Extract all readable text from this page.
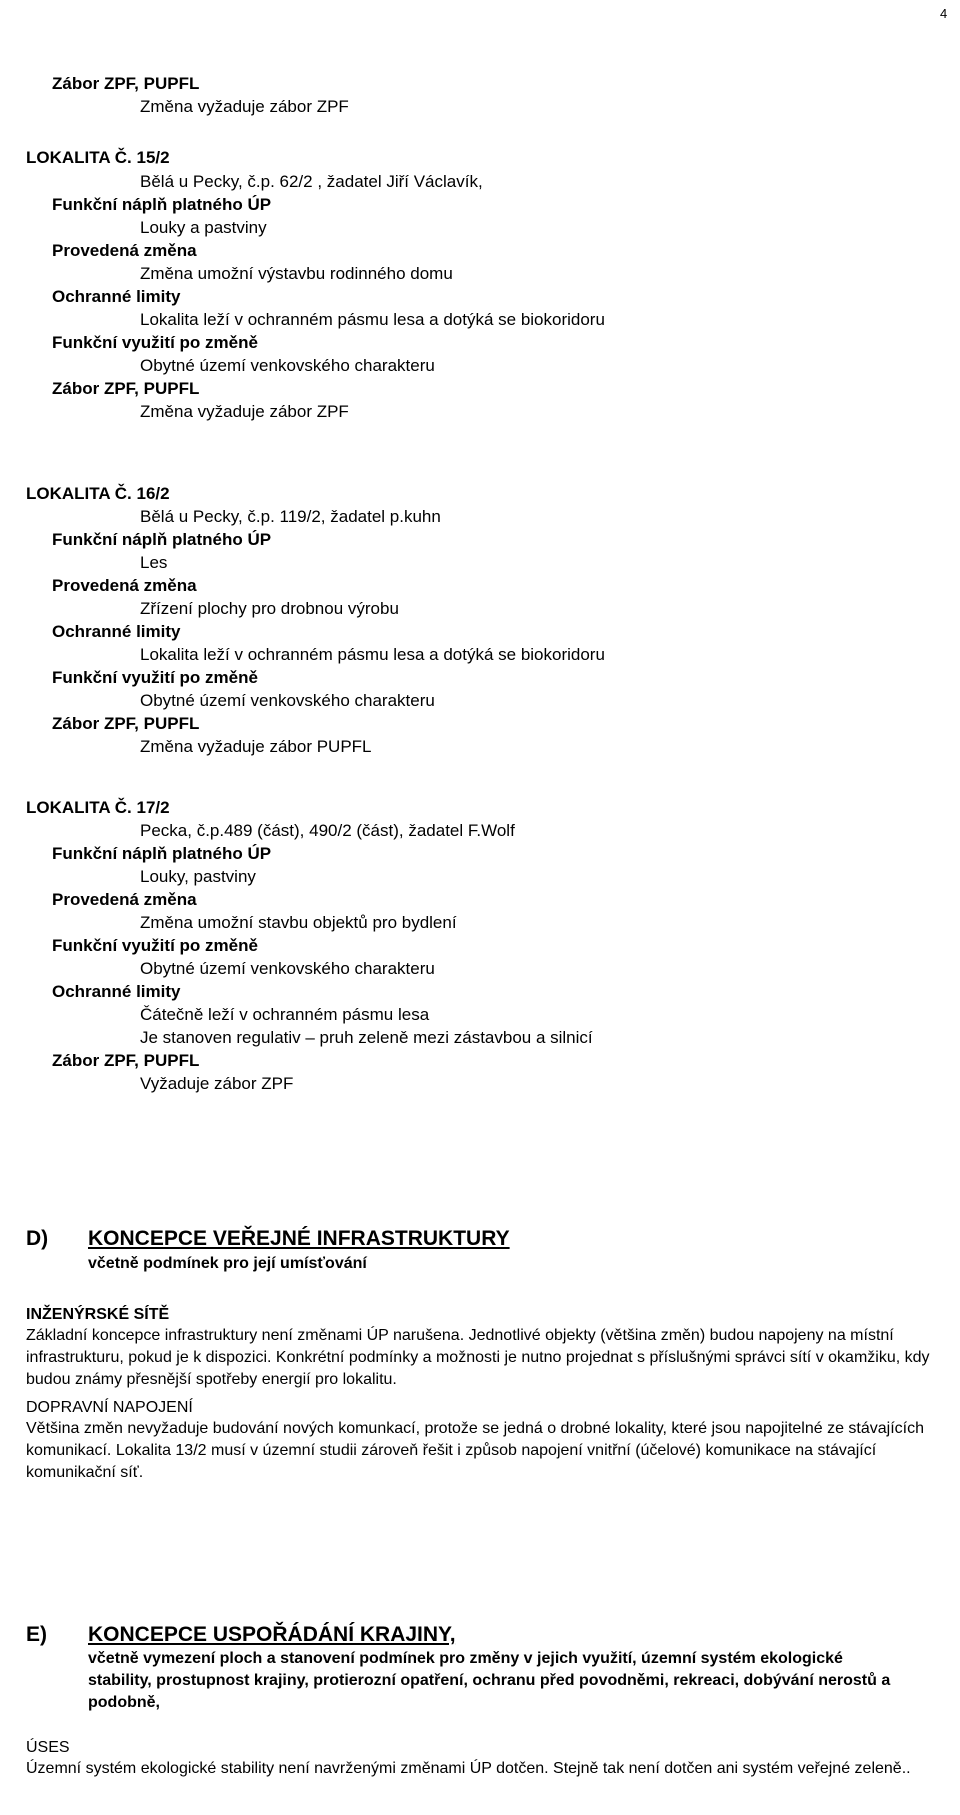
4
Zábor ZPF, PUPFL
Změna vyžaduje zábor ZPF
LOKALITA Č. 15/2
Bělá u Pecky, č.p. 62/2 , žadatel Jiří Václavík,
Funkční náplň platného ÚP
Louky a pastviny
Provedená změna
Změna umožní výstavbu rodinného domu
Ochranné limity
Lokalita leží v ochranném pásmu lesa a dotýká se biokoridoru
Funkční využití po změně
Obytné území venkovského charakteru
Zábor ZPF, PUPFL
Změna vyžaduje zábor ZPF
LOKALITA Č. 16/2
Bělá u Pecky, č.p. 119/2, žadatel p.kuhn
Funkční náplň platného ÚP
Les
Provedená změna
Zřízení plochy pro drobnou výrobu
Ochranné limity
Lokalita leží v ochranném pásmu lesa a dotýká se biokoridoru
Funkční využití po změně
Obytné území venkovského charakteru
Zábor ZPF, PUPFL
Změna vyžaduje zábor PUPFL
LOKALITA Č. 17/2
Pecka, č.p.489 (část), 490/2 (část), žadatel F.Wolf
Funkční náplň platného ÚP
Louky, pastviny
Provedená změna
Změna umožní stavbu objektů pro bydlení
Funkční využití po změně
Obytné území venkovského charakteru
Ochranné limity
Čátečně leží v ochranném pásmu lesa
Je stanoven regulativ – pruh zeleně mezi zástavbou a silnicí
Zábor ZPF, PUPFL
Vyžaduje zábor ZPF
D) KONCEPCE VEŘEJNÉ INFRASTRUKTURY
včetně podmínek pro její umísťování
INŽENÝRSKÉ SÍTĚ
Základní koncepce infrastruktury není změnami ÚP narušena. Jednotlivé objekty (většina změn) budou napojeny na místní infrastrukturu, pokud je k dispozici. Konkrétní podmínky a možnosti je nutno projednat s příslušnými správci sítí v okamžiku, kdy budou známy přesnější spotřeby energií pro lokalitu.
DOPRAVNÍ NAPOJENÍ
Většina změn nevyžaduje budování nových komunkací, protože se jedná o drobné lokality, které jsou napojitelné ze stávajících komunikací. Lokalita 13/2 musí v územní studii zároveň řešit i způsob napojení vnitřní (účelové) komunikace na stávající komunikační síť.
E) KONCEPCE USPOŘÁDÁNÍ KRAJINY,
včetně vymezení ploch a stanovení podmínek pro změny v jejich využití, územní systém ekologické stability, prostupnost krajiny, protierozní opatření, ochranu před povodněmi, rekreaci, dobývání nerostů a podobně,
ÚSES
Územní systém ekologické stability není navrženými změnami ÚP dotčen. Stejně tak není dotčen ani systém veřejné zeleně..
